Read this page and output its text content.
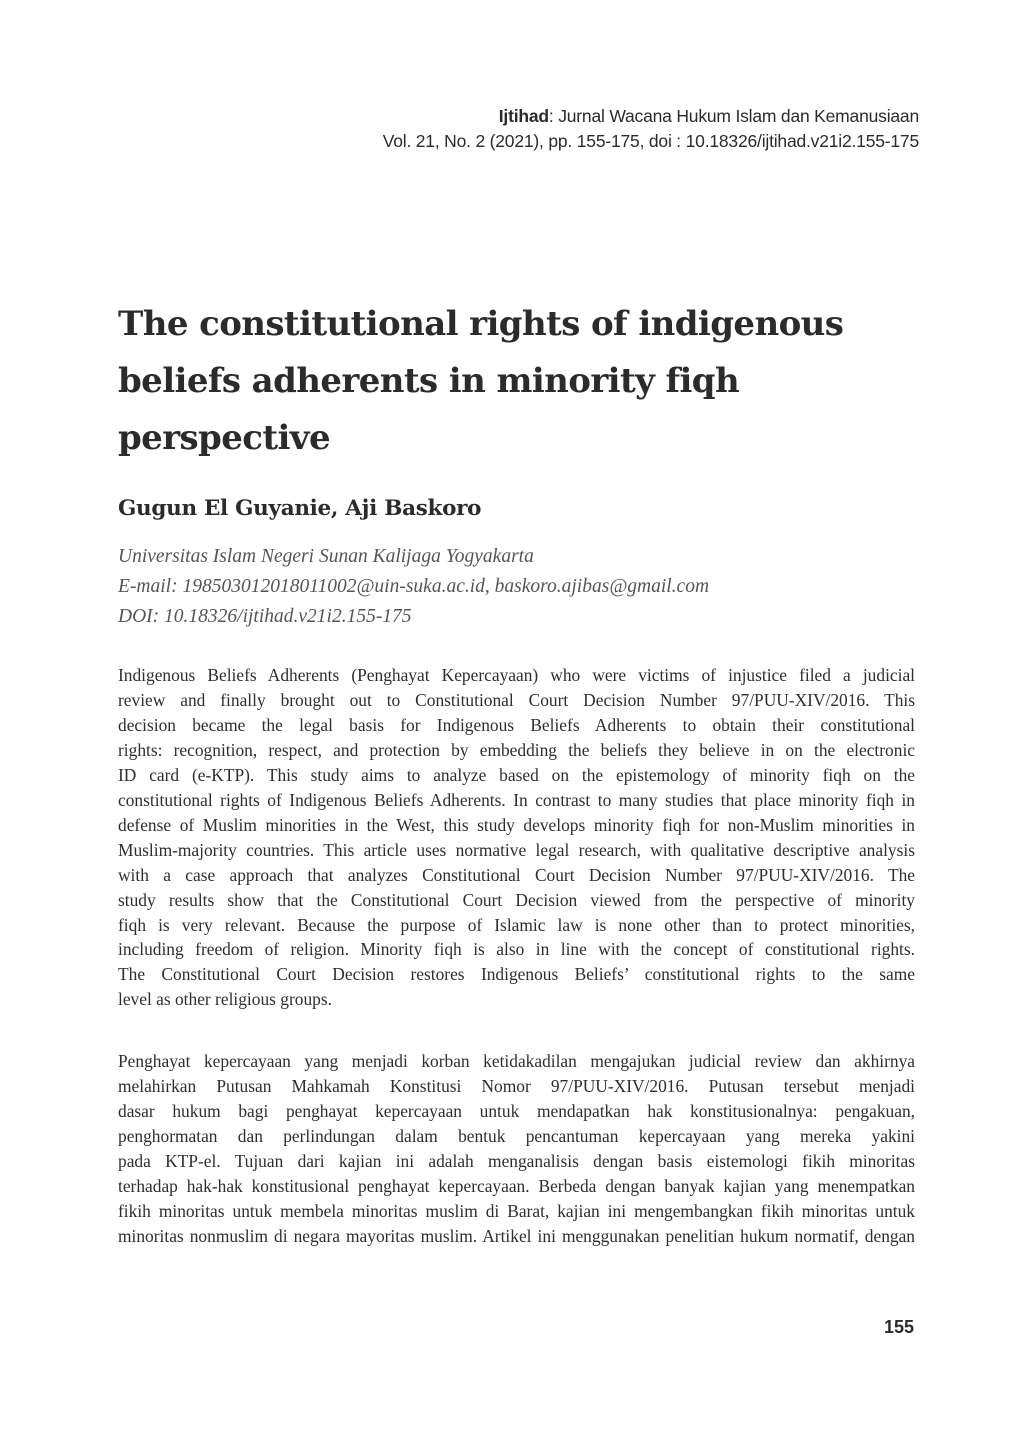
Ijtihad: Jurnal Wacana Hukum Islam dan Kemanusiaan
Vol. 21, No. 2 (2021), pp. 155-175, doi : 10.18326/ijtihad.v21i2.155-175
The constitutional rights of indigenous
beliefs adherents in minority fiqh
perspective
Gugun El Guyanie, Aji Baskoro
Universitas Islam Negeri Sunan Kalijaga Yogyakarta
E-mail: 198503012018011002@uin-suka.ac.id, baskoro.ajibas@gmail.com
DOI: 10.18326/ijtihad.v21i2.155-175
Indigenous Beliefs Adherents (Penghayat Kepercayaan) who were victims of injustice filed a judicial
review and finally brought out to Constitutional Court Decision Number 97/PUU-XIV/2016. This
decision became the legal basis for Indigenous Beliefs Adherents to obtain their constitutional
rights: recognition, respect, and protection by embedding the beliefs they believe in on the electronic
ID card (e-KTP). This study aims to analyze based on the epistemology of minority fiqh on the
constitutional rights of Indigenous Beliefs Adherents. In contrast to many studies that place minority fiqh in
defense of Muslim minorities in the West, this study develops minority fiqh for non-Muslim minorities in
Muslim-majority countries. This article uses normative legal research, with qualitative descriptive analysis
with a case approach that analyzes Constitutional Court Decision Number 97/PUU-XIV/2016. The
study results show that the Constitutional Court Decision viewed from the perspective of minority
fiqh is very relevant. Because the purpose of Islamic law is none other than to protect minorities,
including freedom of religion. Minority fiqh is also in line with the concept of constitutional rights.
The Constitutional Court Decision restores Indigenous Beliefs’ constitutional rights to the same
level as other religious groups.
Penghayat kepercayaan yang menjadi korban ketidakadilan mengajukan judicial review dan akhirnya
melahirkan Putusan Mahkamah Konstitusi Nomor 97/PUU-XIV/2016. Putusan tersebut menjadi
dasar hukum bagi penghayat kepercayaan untuk mendapatkan hak konstitusionalnya: pengakuan,
penghormatan dan perlindungan dalam bentuk pencantuman kepercayaan yang mereka yakini
pada KTP-el. Tujuan dari kajian ini adalah menganalisis dengan basis eistemologi fikih minoritas
terhadap hak-hak konstitusional penghayat kepercayaan. Berbeda dengan banyak kajian yang menempatkan
fikih minoritas untuk membela minoritas muslim di Barat, kajian ini mengembangkan fikih minoritas untuk
minoritas nonmuslim di negara mayoritas muslim. Artikel ini menggunakan penelitian hukum normatif, dengan
155
